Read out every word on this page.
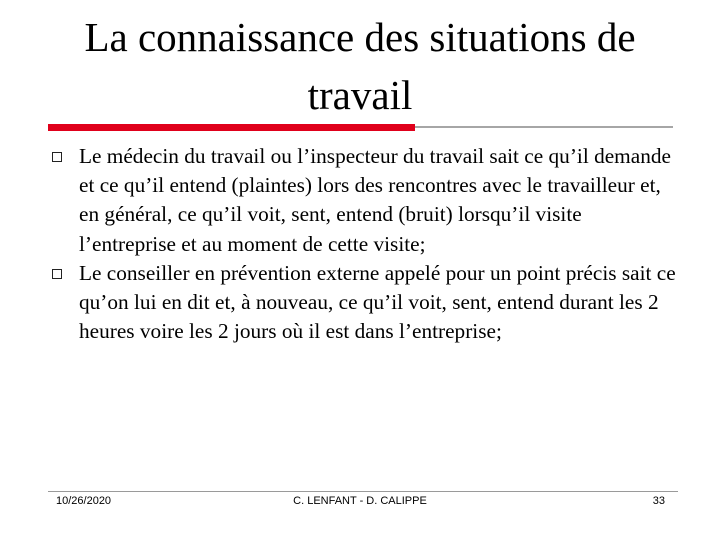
La connaissance des situations de travail
Le médecin du travail ou l’inspecteur du travail sait ce qu’il demande et ce qu’il entend (plaintes) lors des rencontres avec le travailleur et, en général, ce qu’il voit, sent, entend (bruit) lorsqu’il visite l’entreprise et au moment de cette visite;
Le conseiller en prévention externe appelé pour un point précis sait ce qu’on lui en dit et, à nouveau, ce qu’il voit, sent, entend durant les 2 heures voire les 2 jours où il est dans l’entreprise;
10/26/2020	C. LENFANT - D. CALIPPE	33
